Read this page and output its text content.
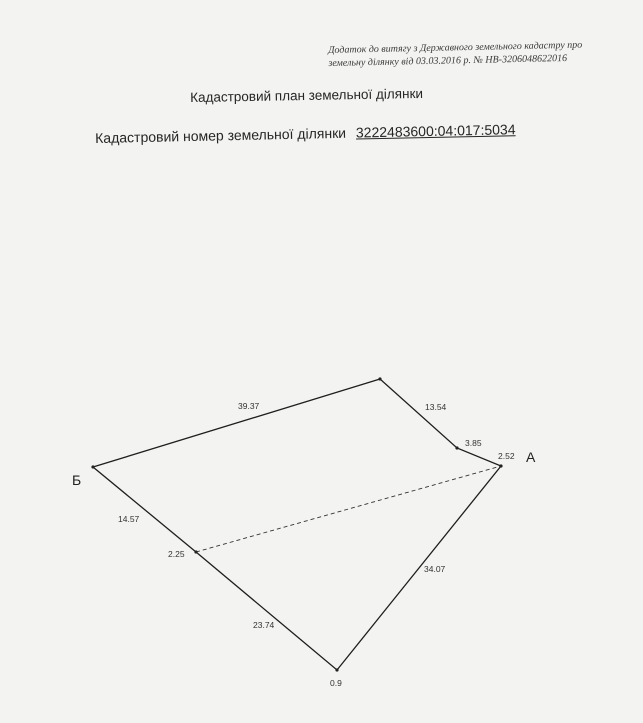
Додаток до витягу з Державного земельного кадастру про
земельну ділянку від 03.03.2016 р. № НВ-3206048622016
Кадастровий план земельної ділянки
Кадастровий номер земельної ділянки 3222483600:04:017:5034
39.37	13.54
3.85
2.52
14.57
2.25
23.74
0.9
34.07
А
Б
